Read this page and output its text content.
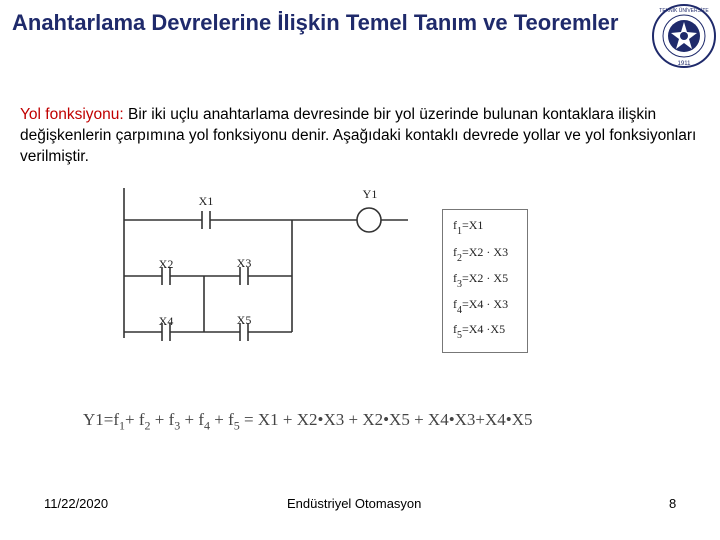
Anahtarlama Devrelerine İlişkin Temel Tanım ve Teoremler	TEKNİK ÜNİVERSİTE
1911
Yol fonksiyonu: Bir iki uçlu anahtarlama devresinde bir yol üzerinde bulunan kontaklara ilişkin değişkenlerin çarpımına yol fonksiyonu denir. Aşağıdaki kontaklı devrede yollar ve yol fonksiyonları verilmiştir.
Y1
X1
X2	X3
X4	X5
$f_1=X1$
$f_2=X2 \cdot X3$
$f_3=X2 \cdot X5$
$f_4=X4 \cdot X3$
$f_5=X4 \cdot X5$
$Y1=f_1+ f_2 + f_3 + f_4 + f_5 = X1$ + X2•X3 + X2•X5 + X4•X3+X4•X5
11/22/2020	Endüstriyel Otomasyon	8
